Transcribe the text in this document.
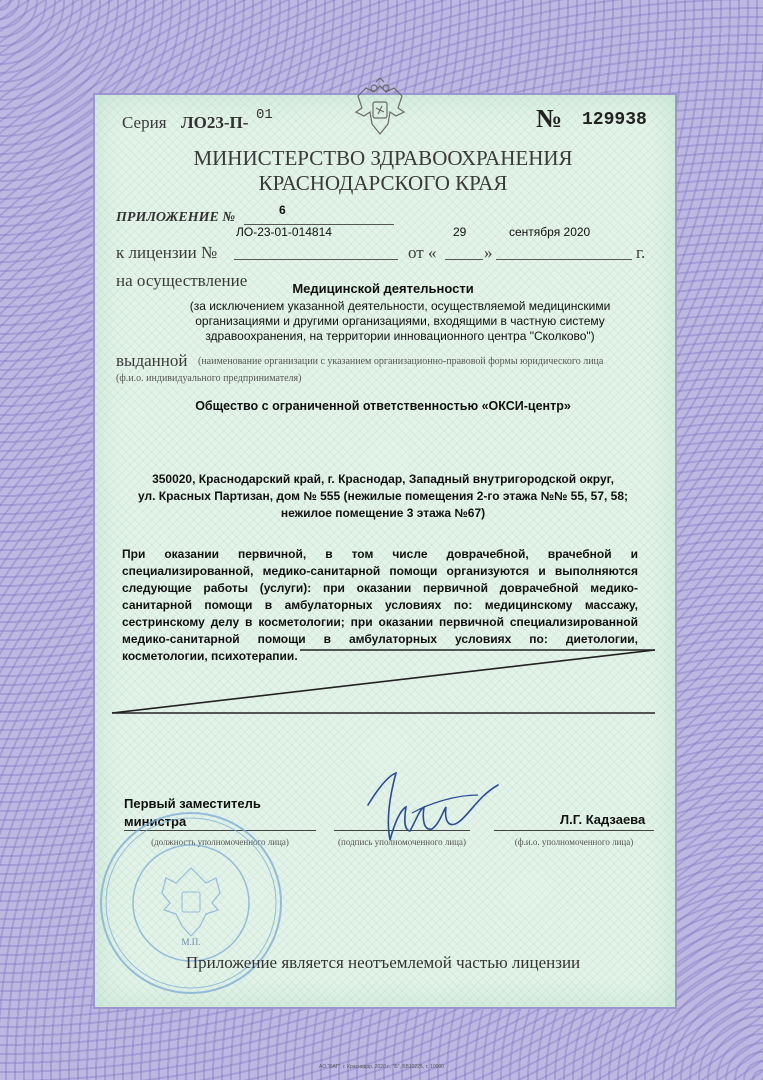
Серия ЛО23-П- 01	№ 129938
МИНИСТЕРСТВО ЗДРАВООХРАНЕНИЯ
КРАСНОДАРСКОГО КРАЯ
ПРИЛОЖЕНИЕ №	6
ЛО-23-01-014814	29	сентября 2020
к лицензии №	от «	»	г.
на осуществление	Медицинской деятельности
(за исключением указанной деятельности, осуществляемой медицинскими организациями и другими организациями, входящими в частную систему здравоохранения, на территории инновационного центра "Сколково")
выданной (наименование организации с указанием организационно-правовой формы юридического лица
(ф.и.о. индивидуального предпринимателя)
Общество с ограниченной ответственностью «ОКСИ-центр»
350020, Краснодарский край, г. Краснодар, Западный внутригородской округ,
ул. Красных Партизан, дом № 555 (нежилые помещения 2-го этажа №№ 55, 57, 58;
нежилое помещение 3 этажа №67)
При оказании первичной, в том числе доврачебной, врачебной и специализированной, медико-санитарной помощи организуются и выполняются следующие работы (услуги): при оказании первичной доврачебной медико-санитарной помощи в амбулаторных условиях по: медицинскому массажу, сестринскому делу в косметологии; при оказании первичной специализированной медико-санитарной помощи в амбулаторных условиях по: диетологии, косметологии, психотерапии.
Первый заместитель
министра	Л.Г. Кадзаева
(должность уполномоченного лица)	(подпись уполномоченного лица)	(ф.и.о. уполномоченного лица)
М.П.
Приложение является неотъемлемой частью лицензии
АО "БАГ", г. Краснодар, 2020 г., "Б", БВ10225, т. 10000
